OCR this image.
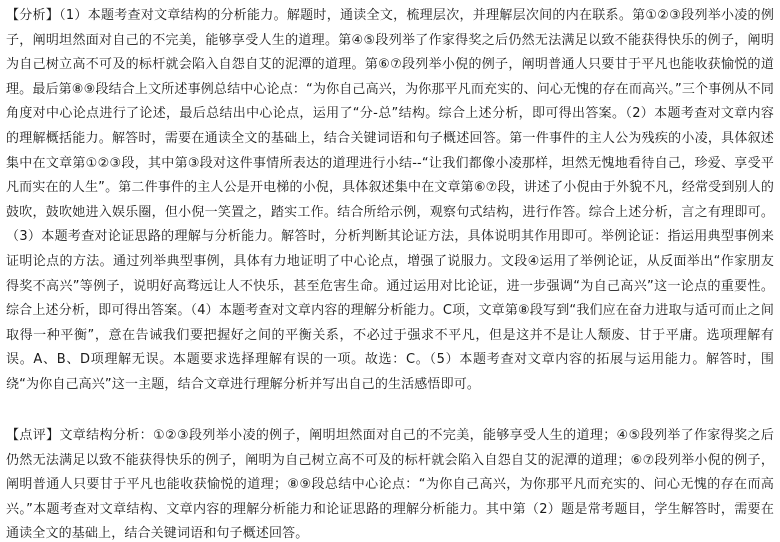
【分析】（1）本题考查对文章结构的分析能力。解题时，通读全文，梳理层次，并理解层次间的内在联系。第①②③段列举小凌的例子，阐明坦然面对自己的不完美，能够享受人生的道理。第④⑤段列举了作家得奖之后仍然无法满足以致不能获得快乐的例子，阐明为自己树立高不可及的标杆就会陷入自怨自艾的泥潭的道理。第⑥⑦段列举小倪的例子，阐明普通人只要甘于平凡也能收获愉悦的道理。最后第⑧⑨段结合上文所述事例总结中心论点：“为你自己高兴，为你那平凡而充实的、问心无愧的存在而高兴。”三个事例从不同角度对中心论点进行了论述，最后总结出中心论点，运用了“分-总”结构。综合上述分析，即可得出答案。（2）本题考查对文章内容的理解概括能力。解答时，需要在通读全文的基础上，结合关键词语和句子概述回答。第一件事件的主人公为残疾的小凌，具体叙述集中在文章第①②③段，其中第③段对这件事情所表达的道理进行小结--“让我们都像小凌那样，坦然无愧地看待自己，珍爱、享受平凡而实在的人生”。第二件事件的主人公是开电梯的小倪，具体叙述集中在文章第⑥⑦段，讲述了小倪由于外貌不凡，经常受到别人的鼓吹，鼓吹她进入娱乐圈，但小倪一笑置之，踏实工作。结合所给示例，观察句式结构，进行作答。综合上述分析，言之有理即可。（3）本题考查对论证思路的理解与分析能力。解答时，分析判断其论证方法，具体说明其作用即可。举例论证：指运用典型事例来证明论点的方法。通过列举典型事例，具体有力地证明了中心论点，增强了说服力。文段④运用了举例论证，从反面举出“作家朋友得奖不高兴”等例子，说明好高骛远让人不快乐，甚至危害生命。通过运用对比论证，进一步强调“为自己高兴”这一论点的重要性。综合上述分析，即可得出答案。（4）本题考查对文章内容的理解分析能力。C项，文章第⑧段写到“我们应在奋力进取与适可而止之间取得一种平衡”，意在告诫我们要把握好之间的平衡关系，不必过于强求不平凡，但是这并不是让人颓废、甘于平庸。选项理解有误。A、B、D项理解无误。本题要求选择理解有误的一项。故选：C。（5）本题考查对文章内容的拓展与运用能力。解答时，围绕“为你自己高兴”这一主题，结合文章进行理解分析并写出自己的生活感悟即可。

【点评】文章结构分析：①②③段列举小凌的例子，阐明坦然面对自己的不完美，能够享受人生的道理；④⑤段列举了作家得奖之后仍然无法满足以致不能获得快乐的例子，阐明为自己树立高不可及的标杆就会陷入自怨自艾的泥潭的道理；⑥⑦段列举小倪的例子，阐明普通人只要甘于平凡也能收获愉悦的道理；⑧⑨段总结中心论点：“为你自己高兴，为你那平凡而充实的、问心无愧的存在而高兴。”本题考查对文章结构、文章内容的理解分析能力和论证思路的理解分析能力。其中第（2）题是常考题目，学生解答时，需要在通读全文的基础上，结合关键词语和句子概述回答。
